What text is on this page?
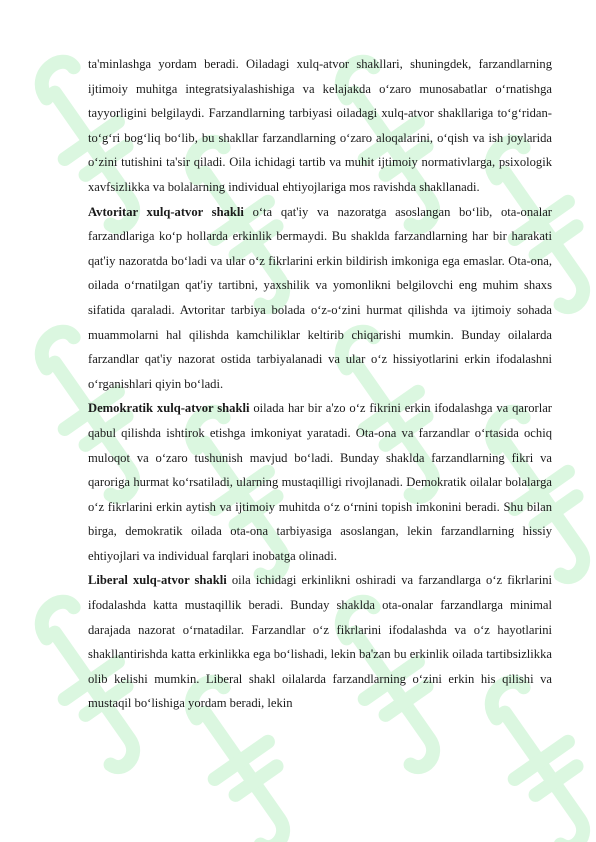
ta'minlashga yordam beradi. Oiladagi xulq-atvor shakllari, shuningdek, farzandlarning ijtimoiy muhitga integratsiyalashishiga va kelajakda o‘zaro munosabatlar o‘rnatishga tayyorligini belgilaydi. Farzandlarning tarbiyasi oiladagi xulq-atvor shakllariga to‘g‘ridan-to‘g‘ri bog‘liq bo‘lib, bu shakllar farzandlarning o‘zaro aloqalarini, o‘qish va ish joylarida o‘zini tutishini ta'sir qiladi. Oila ichidagi tartib va muhit ijtimoiy normativlarga, psixologik xavfsizlikka va bolalarning individual ehtiyojlariga mos ravishda shakllanadi.

Avtoritar xulq-atvor shakli o‘ta qat'iy va nazoratga asoslangan bo‘lib, ota-onalar farzandlariga ko‘p hollarda erkinlik bermaydi. Bu shaklda farzandlarning har bir harakati qat'iy nazoratda bo‘ladi va ular o‘z fikrlarini erkin bildirish imkoniga ega emaslar. Ota-ona, oilada o‘rnatilgan qat'iy tartibni, yaxshilik va yomonlikni belgilovchi eng muhim shaxs sifatida qaraladi. Avtoritar tarbiya bolada o‘z-o‘zini hurmat qilishda va ijtimoiy sohada muammolarni hal qilishda kamchiliklar keltirib chiqarishi mumkin. Bunday oilalarda farzandlar qat'iy nazorat ostida tarbiyalanadi va ular o‘z hissiyotlarini erkin ifodalashni o‘rganishlari qiyin bo‘ladi.

Demokratik xulq-atvor shakli oilada har bir a'zo o‘z fikrini erkin ifodalashga va qarorlar qabul qilishda ishtirok etishga imkoniyat yaratadi. Ota-ona va farzandlar o‘rtasida ochiq muloqot va o‘zaro tushunish mavjud bo‘ladi. Bunday shaklda farzandlarning fikri va qaroriga hurmat ko‘rsatiladi, ularning mustaqilligi rivojlanadi. Demokratik oilalar bolalarga o‘z fikrlarini erkin aytish va ijtimoiy muhitda o‘z o‘rnini topish imkonini beradi. Shu bilan birga, demokratik oilada ota-ona tarbiyasiga asoslangan, lekin farzandlarning hissiy ehtiyojlari va individual farqlari inobatga olinadi.

Liberal xulq-atvor shakli oila ichidagi erkinlikni oshiradi va farzandlarga o‘z fikrlarini ifodalashda katta mustaqillik beradi. Bunday shaklda ota-onalar farzandlarga minimal darajada nazorat o‘rnatadilar. Farzandlar o‘z fikrlarini ifodalashda va o‘z hayotlarini shakllantirishda katta erkinlikka ega bo‘lishadi, lekin ba'zan bu erkinlik oilada tartibsizlikka olib kelishi mumkin. Liberal shakl oilalarda farzandlarning o‘zini erkin his qilishi va mustaqil bo‘lishiga yordam beradi, lekin
